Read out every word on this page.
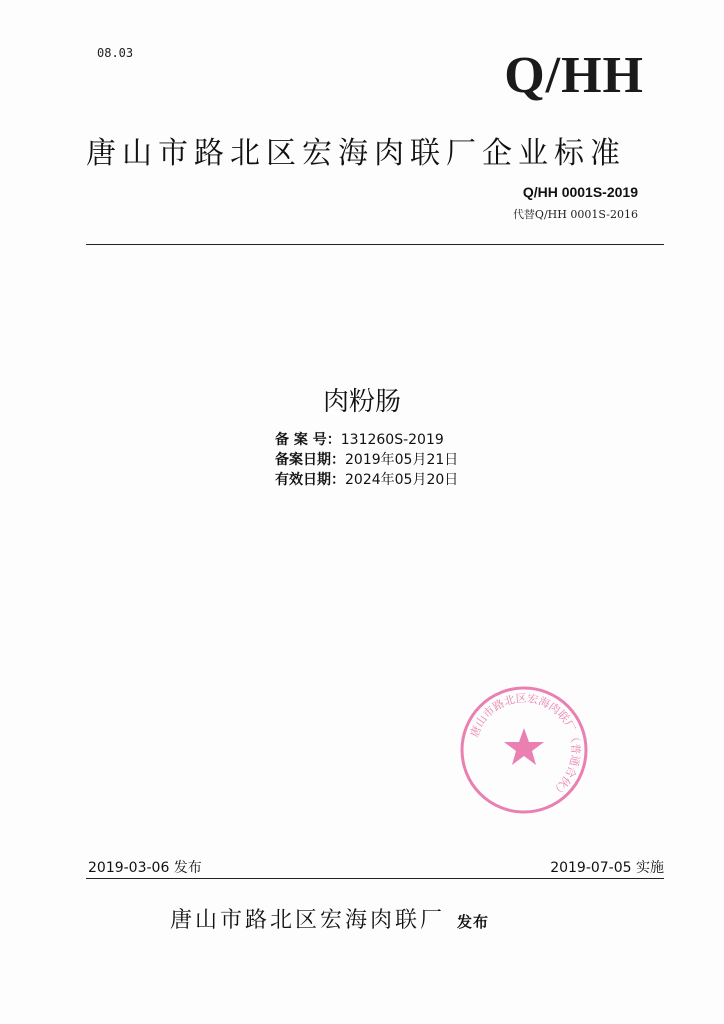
08.03	Q/HH
唐山市路北区宏海肉联厂企业标准
Q/HH 0001S-2019
代替Q/HH 0001S-2016
肉粉肠
备 案 号：131260S-2019
备案日期：2019年05月21日
有效日期：2024年05月20日
唐山市路北区宏海肉联厂（普通合伙）
2019-03-06 发布	2019-07-05 实施
唐山市路北区宏海肉联厂 发布
